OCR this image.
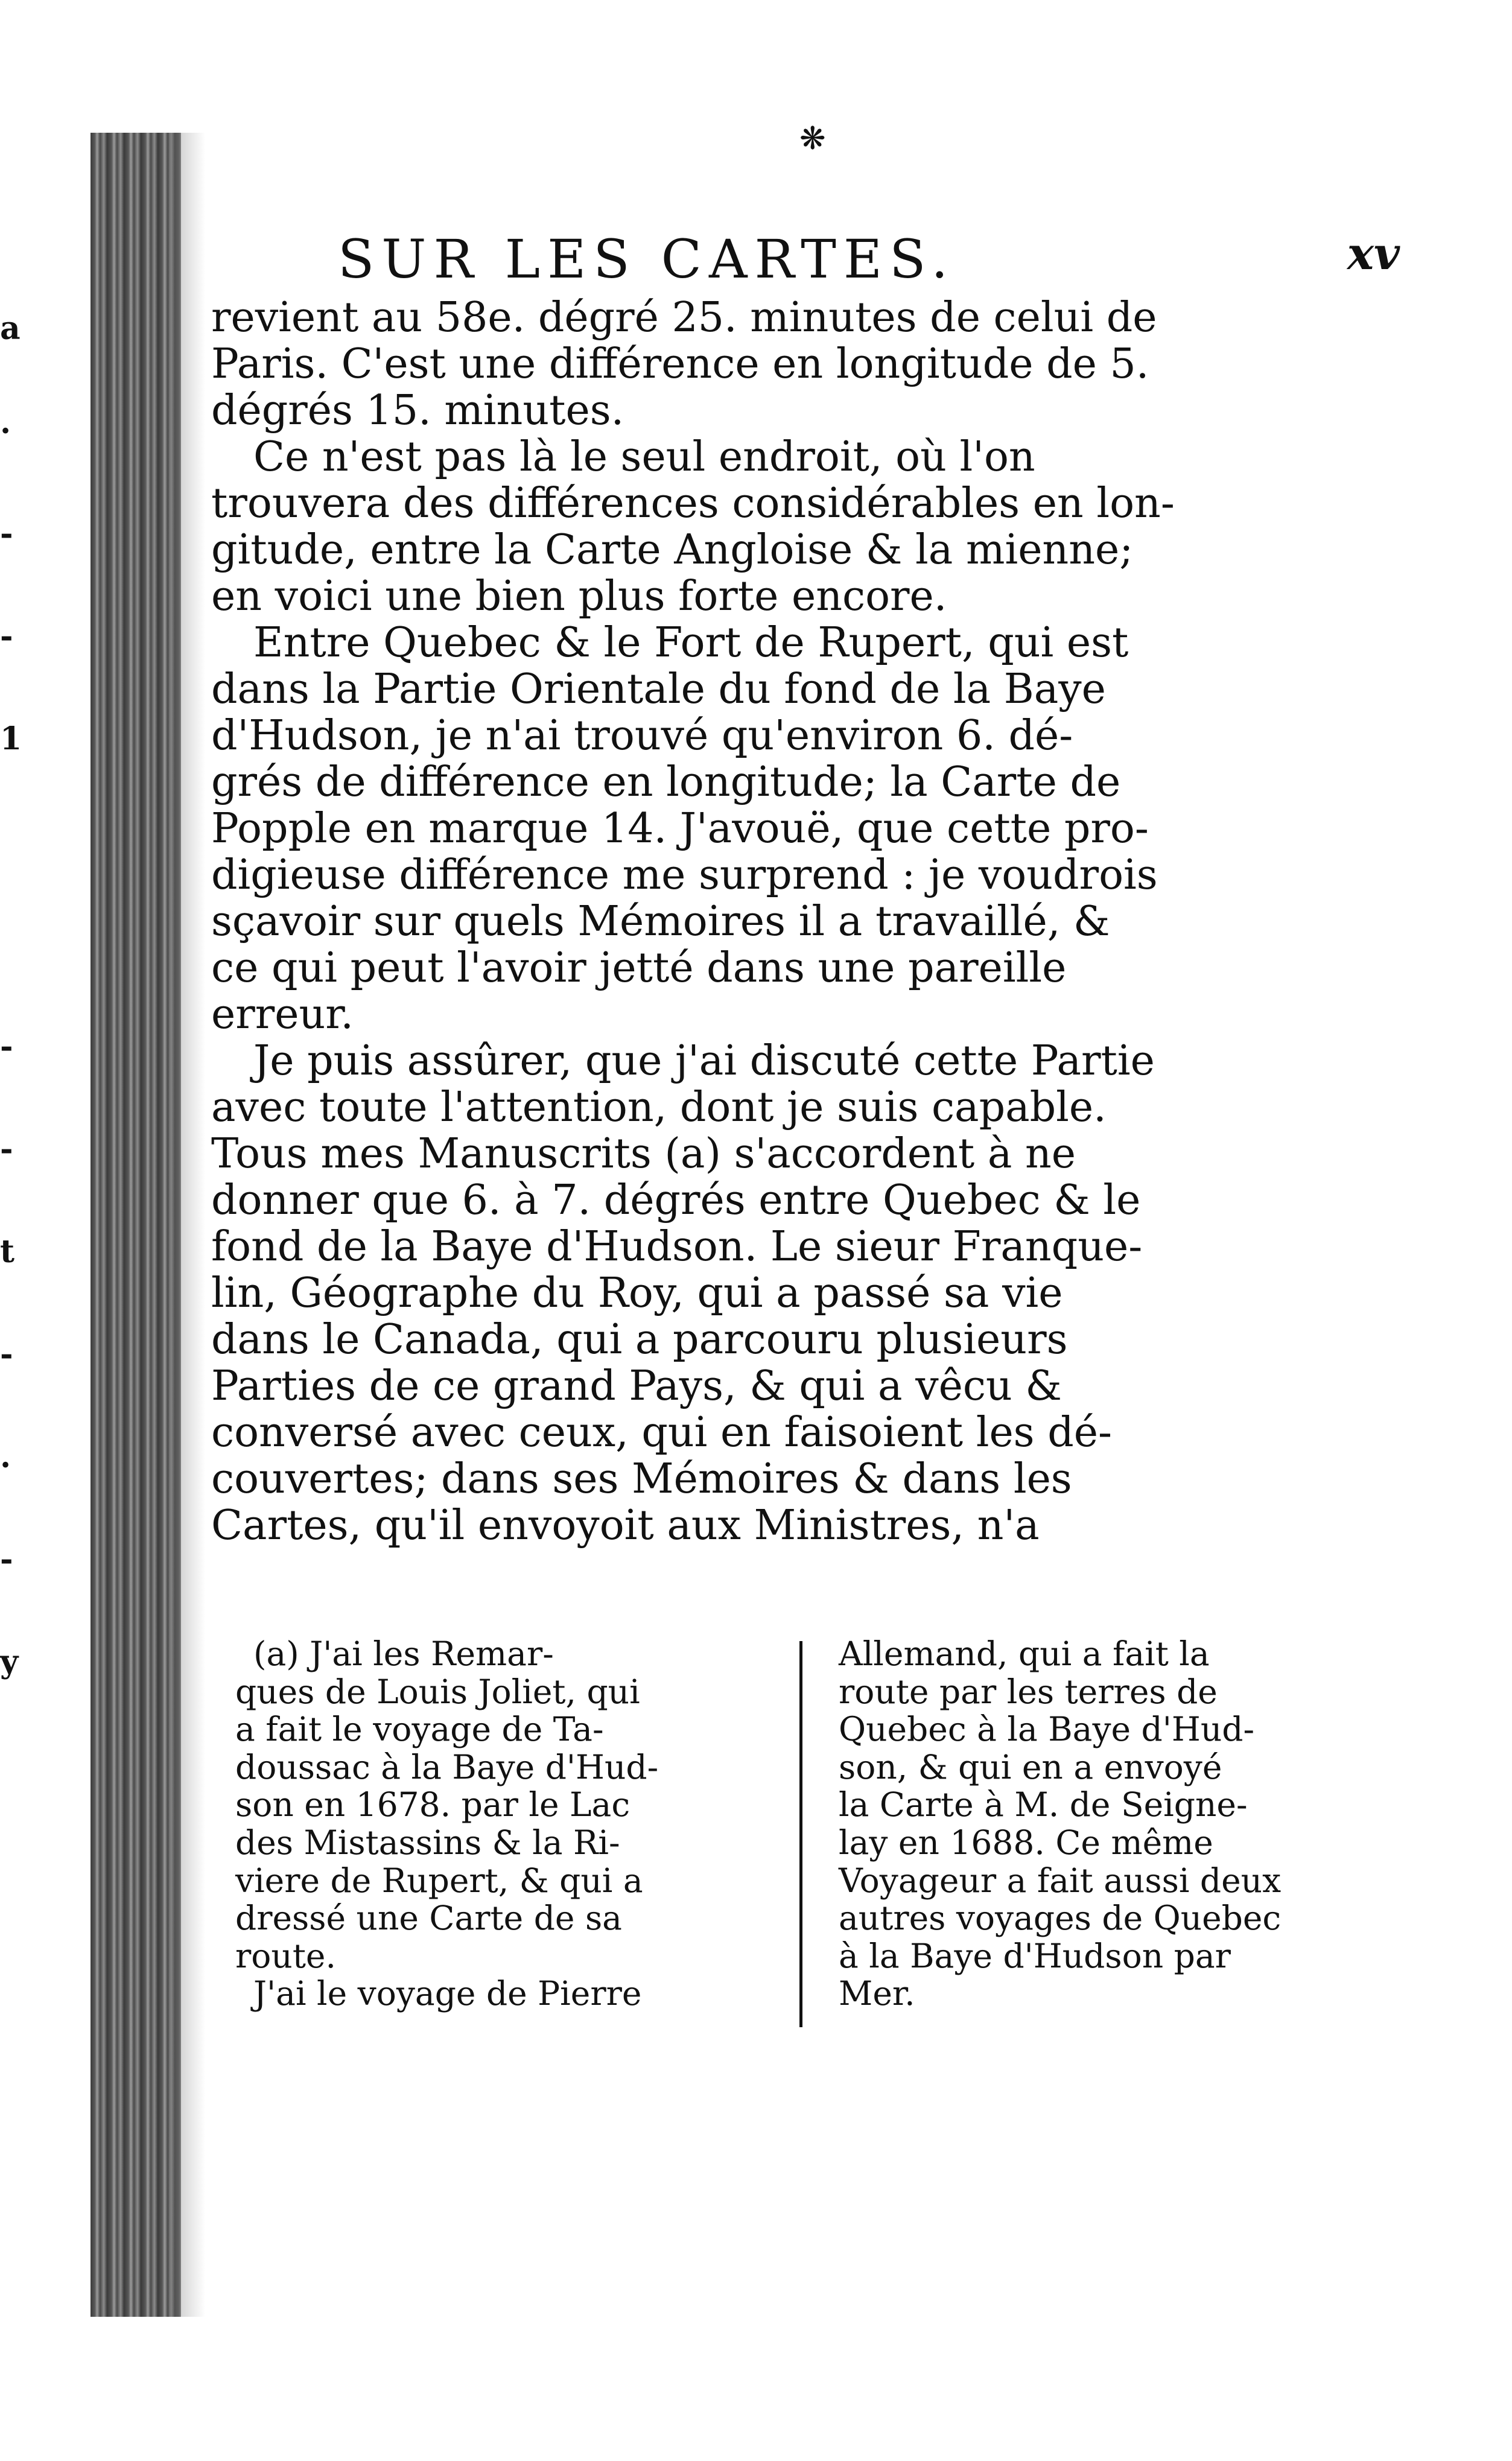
❋
a
·
-
-
1
-
-
t
-
.
-
y
SUR LES CARTES.	xv
revient au 58e. dégré 25. minutes de celui de
Paris. C'est une différence en longitude de 5.
dégrés 15. minutes.
Ce n'est pas là le seul endroit, où l'on
trouvera des différences considérables en lon-
gitude, entre la Carte Angloise & la mienne;
en voici une bien plus forte encore.
Entre Quebec & le Fort de Rupert, qui est
dans la Partie Orientale du fond de la Baye
d'Hudson, je n'ai trouvé qu'environ 6. dé-
grés de différence en longitude; la Carte de
Popple en marque 14. J'avouë, que cette pro-
digieuse différence me surprend : je voudrois
sçavoir sur quels Mémoires il a travaillé, &
ce qui peut l'avoir jetté dans une pareille
erreur.
Je puis assûrer, que j'ai discuté cette Partie
avec toute l'attention, dont je suis capable.
Tous mes Manuscrits (a) s'accordent à ne
donner que 6. à 7. dégrés entre Quebec & le
fond de la Baye d'Hudson. Le sieur Franque-
lin, Géographe du Roy, qui a passé sa vie
dans le Canada, qui a parcouru plusieurs
Parties de ce grand Pays, & qui a vêcu &
conversé avec ceux, qui en faisoient les dé-
couvertes; dans ses Mémoires & dans les
Cartes, qu'il envoyoit aux Ministres, n'a
(a) J'ai les Remar-
ques de Louis Joliet, qui
a fait le voyage de Ta-
doussac à la Baye d'Hud-
son en 1678. par le Lac
des Mistassins & la Ri-
viere de Rupert, & qui a
dressé une Carte de sa
route.
J'ai le voyage de Pierre
Allemand, qui a fait la
route par les terres de
Quebec à la Baye d'Hud-
son, & qui en a envoyé
la Carte à M. de Seigne-
lay en 1688. Ce même
Voyageur a fait aussi deux
autres voyages de Quebec
à la Baye d'Hudson par
Mer.
